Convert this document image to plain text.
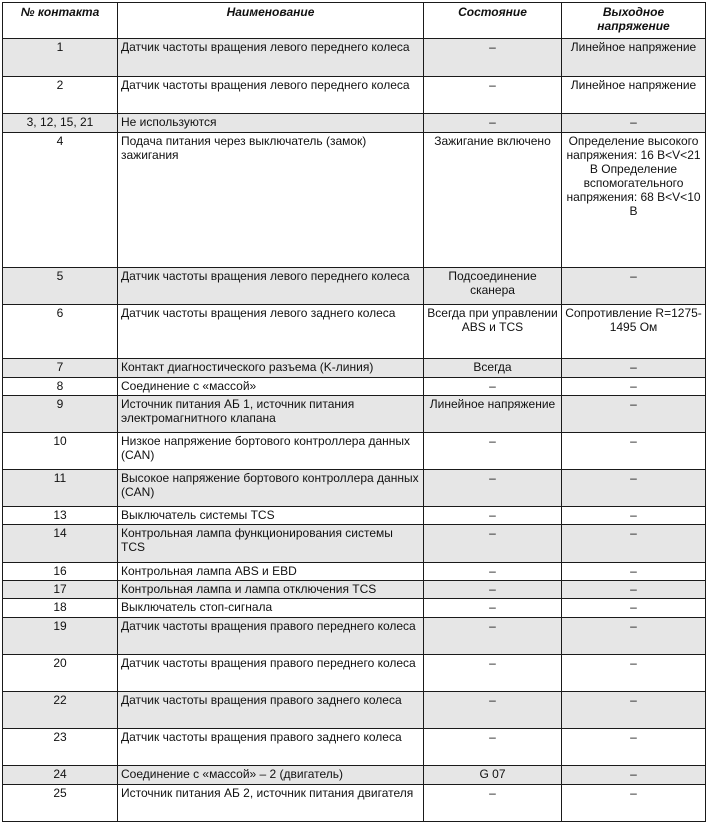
№ контакта	Наименование	Состояние	Выходное напряжение
1	Датчик частоты вращения левого переднего колеса	–	Линейное напряжение
2	Датчик частоты вращения левого переднего колеса	–	Линейное напряжение
3, 12, 15, 21	Не используются	–	–
4	Подача питания через выключатель (замок) зажигания	Зажигание включено	Определение высокого напряжения: 16 В<V<21 В Определение вспомогательного напряжения: 68 В<V<10 В
5	Датчик частоты вращения левого переднего колеса	Подсоединение сканера	–
6	Датчик частоты вращения левого заднего колеса	Всегда при управлении ABS и TCS	Сопротивление R=1275-1495 Ом
7	Контакт диагностического разъема (K-линия)	Всегда	–
8	Соединение с «массой»	–	–
9	Источник питания АБ 1, источник питания электромагнитного клапана	Линейное напряжение	–
10	Низкое напряжение бортового контроллера данных (CAN)	–	–
11	Высокое напряжение бортового контроллера данных (CAN)	–	–
13	Выключатель системы TCS	–	–
14	Контрольная лампа функционирования системы TCS	–	–
16	Контрольная лампа ABS и EBD	–	–
17	Контрольная лампа и лампа отключения TCS	–	–
18	Выключатель стоп-сигнала	–	–
19	Датчик частоты вращения правого переднего колеса	–	–
20	Датчик частоты вращения правого переднего колеса	–	–
22	Датчик частоты вращения правого заднего колеса	–	–
23	Датчик частоты вращения правого заднего колеса	–	–
24	Соединение с «массой» – 2 (двигатель)	G 07	–
25	Источник питания АБ 2, источник питания двигателя	–	–
